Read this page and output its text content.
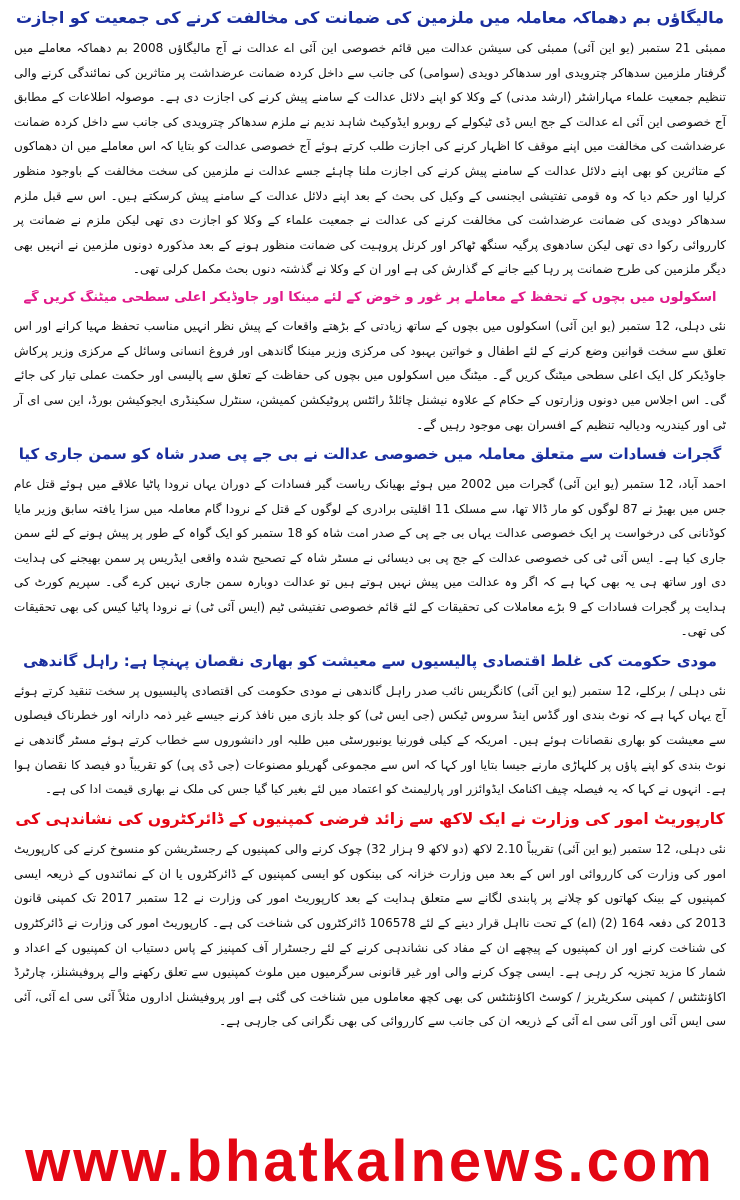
مالیگاؤں بم دھماکہ معاملہ میں ملزمین کی ضمانت کی مخالفت کرنے کی جمعیت کو اجازت

ممبئی 21 ستمبر (یو این آئی) ممبئی کی سیشن عدالت میں قائم خصوصی این آئی اے عدالت نے آج مالیگاؤں 2008 بم دھماکہ معاملے میں گرفتار ملزمین سدھاکر چترویدی اور سدھاکر دویدی (سوامی) کی جانب سے داخل کردہ ضمانت عرضداشت پر متاثرین کی نمائندگی کرنے والی تنظیم جمعیت علماء مہاراشٹر (ارشد مدنی) کے وکلا کو اپنے دلائل عدالت کے سامنے پیش کرنے کی اجازت دی ہے۔ موصولہ اطلاعات کے مطابق آج خصوصی این آئی اے عدالت کے جج ایس ڈی ٹیکولے کے روبرو ایڈوکیٹ شاہد ندیم نے ملزم سدھاکر چترویدی کی جانب سے داخل کردہ ضمانت عرضداشت کی مخالفت میں اپنے موقف کا اظہار کرنے کی اجازت طلب کرتے ہوئے آج خصوصی عدالت کو بتایا کہ اس معاملے میں ان دھماکوں کے متاثرین کو بھی اپنے دلائل عدالت کے سامنے پیش کرنے کی اجازت ملنا چاہئے جسے عدالت نے ملزمین کی سخت مخالفت کے باوجود منظور کرلیا اور حکم دیا کہ وہ قومی تفتیشی ایجنسی کے وکیل کی بحث کے بعد اپنے دلائل عدالت کے سامنے پیش کرسکتے ہیں۔ اس سے قبل ملزم سدھاکر دویدی کی ضمانت عرضداشت کی مخالفت کرنے کی عدالت نے جمعیت علماء کے وکلا کو اجازت دی تھی لیکن ملزم نے ضمانت پر کارروائی رکوا دی تھی لیکن سادھوی پرگیہ سنگھ ٹھاکر اور کرنل پروہیت کی ضمانت منظور ہونے کے بعد مذکورہ دونوں ملزمین نے انہیں بھی دیگر ملزمین کی طرح ضمانت پر رہا کیے جانے کے گذارش کی ہے اور ان کے وکلا نے گذشتہ دنوں بحث مکمل کرلی تھی۔

اسکولوں میں بچوں کے تحفظ کے معاملے پر غور و خوض کے لئے مینکا اور جاوڈیکر اعلی سطحی میٹنگ کریں گے

نئی دہلی، 12 ستمبر (یو این آئی) اسکولوں میں بچوں کے ساتھ زیادتی کے بڑھتے واقعات کے پیش نظر انہیں مناسب تحفظ مہیا کرانے اور اس تعلق سے سخت قوانین وضع کرنے کے لئے اطفال و خواتین بہبود کی مرکزی وزیر مینکا گاندھی اور فروغ انسانی وسائل کے مرکزی وزیر پرکاش جاوڈیکر کل ایک اعلی سطحی میٹنگ کریں گے۔ میٹنگ میں اسکولوں میں بچوں کی حفاظت کے تعلق سے پالیسی اور حکمت عملی تیار کی جائے گی۔ اس اجلاس میں دونوں وزارتوں کے حکام کے علاوہ نیشنل چائلڈ رائٹس پروٹیکشن کمیشن، سنٹرل سکینڈری ایجوکیشن بورڈ، این سی ای آر ٹی اور کیندریہ ودیالیہ تنظیم کے افسران بھی موجود رہیں گے۔

گجرات فسادات سے متعلق معاملہ میں خصوصی عدالت نے بی جے پی صدر شاہ کو سمن جاری کیا

احمد آباد، 12 ستمبر (یو این آئی) گجرات میں 2002 میں ہوئے بھیانک ریاست گیر فسادات کے دوران یہاں نرودا پاٹیا علاقے میں ہوئے قتل عام جس میں بھیڑ نے 87 لوگوں کو مار ڈالا تھا، سے مسلک 11 اقلیتی برادری کے لوگوں کے قتل کے نرودا گام معاملہ میں سزا یافتہ سابق وزیر مایا کوڈنانی کی درخواست پر ایک خصوصی عدالت یہاں بی جے پی کے صدر امت شاہ کو 18 ستمبر کو ایک گواہ کے طور پر پیش ہونے کے لئے سمن جاری کیا ہے۔ ایس آئی ٹی کی خصوصی عدالت کے جج پی بی دیسائی نے مسٹر شاہ کے تصحیح شدہ واقعی ایڈریس پر سمن بھیجنے کی ہدایت دی اور ساتھ ہی یہ بھی کہا ہے کہ اگر وہ عدالت میں پیش نہیں ہوتے ہیں تو عدالت دوبارہ سمن جاری نہیں کرے گی۔ سپریم کورٹ کی ہدایت پر گجرات فسادات کے 9 بڑے معاملات کی تحقیقات کے لئے قائم خصوصی تفتیشی ٹیم (ایس آئی ٹی) نے نرودا پاٹیا کیس کی بھی تحقیقات کی تھی۔

مودی حکومت کی غلط اقتصادی پالیسیوں سے معیشت کو بھاری نقصان پہنچا ہے: راہل گاندھی

نئی دہلی / برکلے، 12 ستمبر (یو این آئی) کانگریس نائب صدر راہل گاندھی نے مودی حکومت کی اقتصادی پالیسیوں پر سخت تنقید کرتے ہوئے آج یہاں کہا ہے کہ نوٹ بندی اور گڈس اینڈ سروس ٹیکس (جی ایس ٹی) کو جلد بازی میں نافذ کرنے جیسے غیر ذمہ دارانہ اور خطرناک فیصلوں سے معیشت کو بھاری نقصانات ہوئے ہیں۔ امریکہ کے کیلی فورنیا یونیورسٹی میں طلبہ اور دانشوروں سے خطاب کرتے ہوئے مسٹر گاندھی نے نوٹ بندی کو اپنے پاؤں پر کلہاڑی مارنے جیسا بتایا اور کہا کہ اس سے مجموعی گھریلو مصنوعات (جی ڈی پی) کو تقریباً دو فیصد کا نقصان ہوا ہے۔ انہوں نے کہا کہ یہ فیصلہ چیف اکنامک ایڈوائزر اور پارلیمنٹ کو اعتماد میں لئے بغیر کیا گیا جس کی ملک نے بھاری قیمت ادا کی ہے۔

کارپوریٹ امور کی وزارت نے ایک لاکھ سے زائد فرضی کمپنیوں کے ڈائرکٹروں کی نشاندہی کی

نئی دہلی، 12 ستمبر (یو این آئی) تقریباً 2.10 لاکھ (دو لاکھ 9 ہزار 32) چوک کرنے والی کمپنیوں کے رجسٹریشن کو منسوخ کرنے کی کارپوریٹ امور کی وزارت کی کارروائی اور اس کے بعد میں وزارت خزانہ کی بینکوں کو ایسی کمپنیوں کے ڈائرکٹروں یا ان کے نمائندوں کے ذریعہ ایسی کمپنیوں کے بینک کھاتوں کو چلانے پر پابندی لگانے سے متعلق ہدایت کے بعد کارپوریٹ امور کی وزارت نے 12 ستمبر 2017 تک کمپنی قانون 2013 کی دفعہ 164 (2) (اے) کے تحت نااہل قرار دینے کے لئے 106578 ڈائرکٹروں کی شناخت کی ہے۔ کارپوریٹ امور کی وزارت نے ڈائرکٹروں کی شناخت کرنے اور ان کمپنیوں کے پیچھے ان کے مفاد کی نشاندہی کرنے کے لئے رجسٹرار آف کمپنیز کے پاس دستیاب ان کمپنیوں کے اعداد و شمار کا مزید تجزیہ کر رہی ہے۔ ایسی چوک کرنے والی اور غیر قانونی سرگرمیوں میں ملوث کمپنیوں سے تعلق رکھنے والے پروفیشنلز، چارٹرڈ اکاؤنٹنٹس / کمپنی سکریٹریز / کوسٹ اکاؤنٹنٹس کی بھی کچھ معاملوں میں شناخت کی گئی ہے اور پروفیشنل اداروں مثلاً آئی سی اے آئی، آئی سی ایس آئی اور آئی سی اے آئی کے ذریعہ ان کی جانب سے کارروائی کی بھی نگرانی کی جارہی ہے۔

www.bhatkalnews.com
